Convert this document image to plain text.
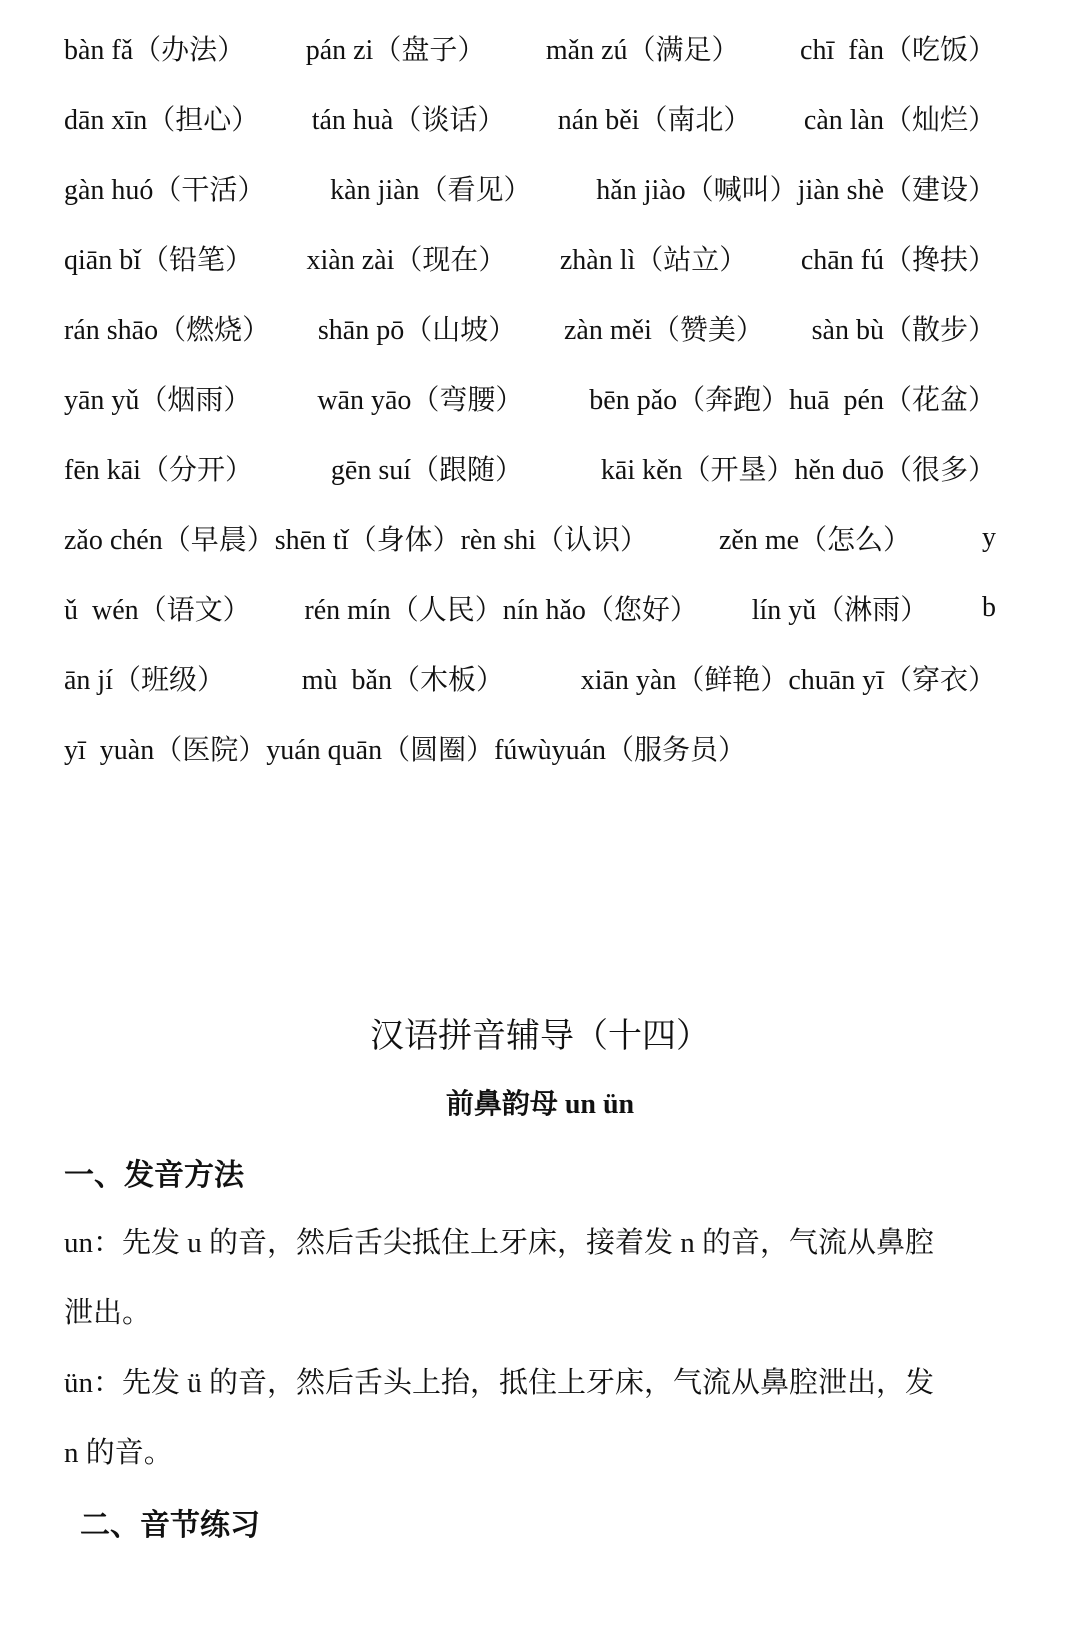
bàn fǎ（办法） pán zi（盘子） mǎn zú（满足） chī  fàn（吃饭）
dān xīn（担心） tán huà（谈话） nán běi（南北） càn làn（灿烂）
gàn huó（干活） kàn jiàn（看见） hǎn jiào（喊叫）jiàn shè（建设）
qiān bǐ（铅笔） xiàn zài（现在） zhàn lì（站立） chān fú（搀扶）
rán shāo（燃烧） shān pō（山坡） zàn měi（赞美） sàn bù（散步）
yān yǔ（烟雨） wān yāo（弯腰） bēn pǎo（奔跑）huā  pén（花盆）
fēn kāi（分开）	gēn suí（跟随）	kāi kěn（开垦）hěn duō（很多）
zǎo chén（早晨）shēn tǐ（身体）rèn shi（认识）	zěn me（怎么）	y
ǔ  wén（语文） rén mín（人民）nín hǎo（您好） lín yǔ（淋雨） b
ān jí（班级）	mù  bǎn（木板）	xiān yàn（鲜艳）chuān yī（穿衣）
yī  yuàn（医院）yuán quān（圆圈）fúwùyuán（服务员）
汉语拼音辅导（十四）
前鼻韵母 un ün
一、发音方法
un：先发 u 的音，然后舌尖抵住上牙床，接着发 n 的音，气流从鼻腔
泄出。
ün：先发 ü 的音，然后舌头上抬，抵住上牙床，气流从鼻腔泄出，发
n 的音。
二、音节练习
